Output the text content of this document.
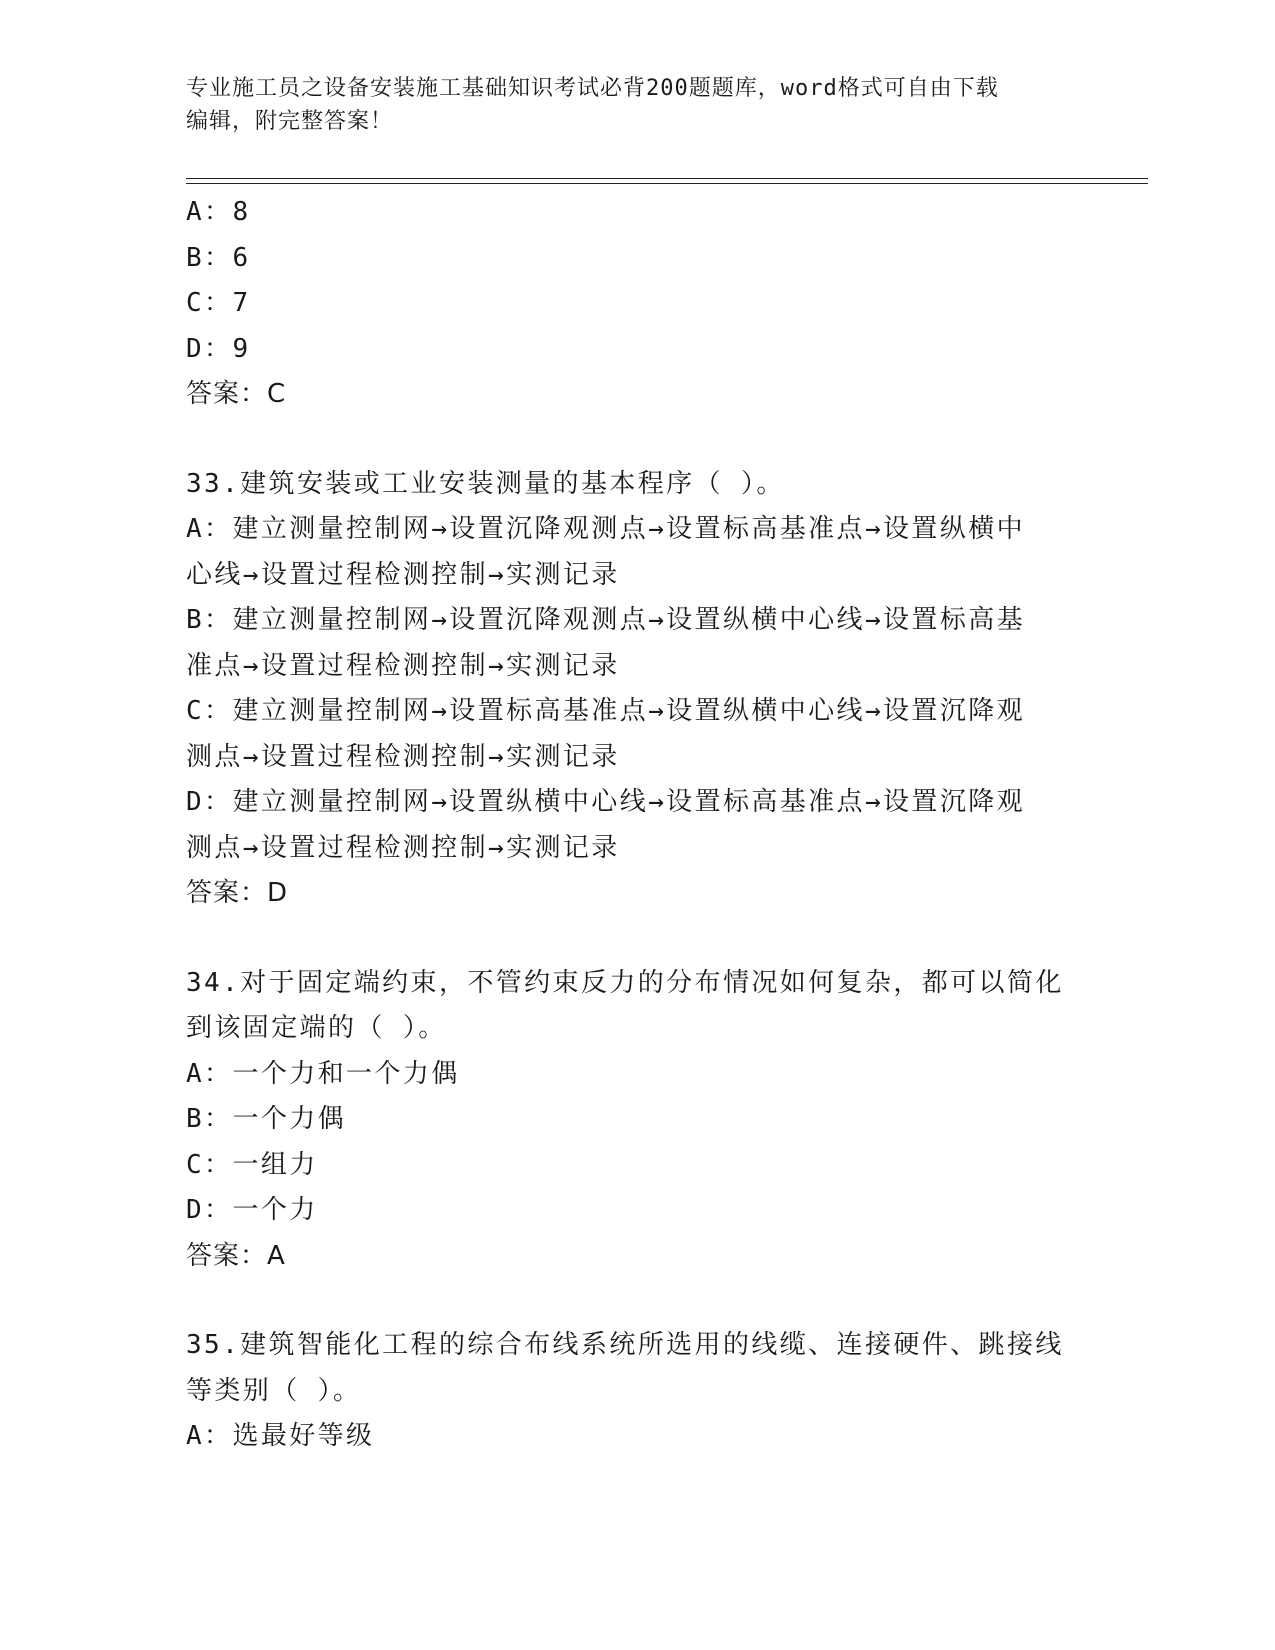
专业施工员之设备安装施工基础知识考试必背200题题库，word格式可自由下载
编辑，附完整答案！
A：8
B：6
C：7
D：9
答案：C
33.建筑安装或工业安装测量的基本程序（ ）。
A：建立测量控制网→设置沉降观测点→设置标高基准点→设置纵横中
心线→设置过程检测控制→实测记录
B：建立测量控制网→设置沉降观测点→设置纵横中心线→设置标高基
准点→设置过程检测控制→实测记录
C：建立测量控制网→设置标高基准点→设置纵横中心线→设置沉降观
测点→设置过程检测控制→实测记录
D：建立测量控制网→设置纵横中心线→设置标高基准点→设置沉降观
测点→设置过程检测控制→实测记录
答案：D
34.对于固定端约束，不管约束反力的分布情况如何复杂，都可以简化
到该固定端的（ ）。
A：一个力和一个力偶
B：一个力偶
C：一组力
D：一个力
答案：A
35.建筑智能化工程的综合布线系统所选用的线缆、连接硬件、跳接线
等类别（ ）。
A：选最好等级
